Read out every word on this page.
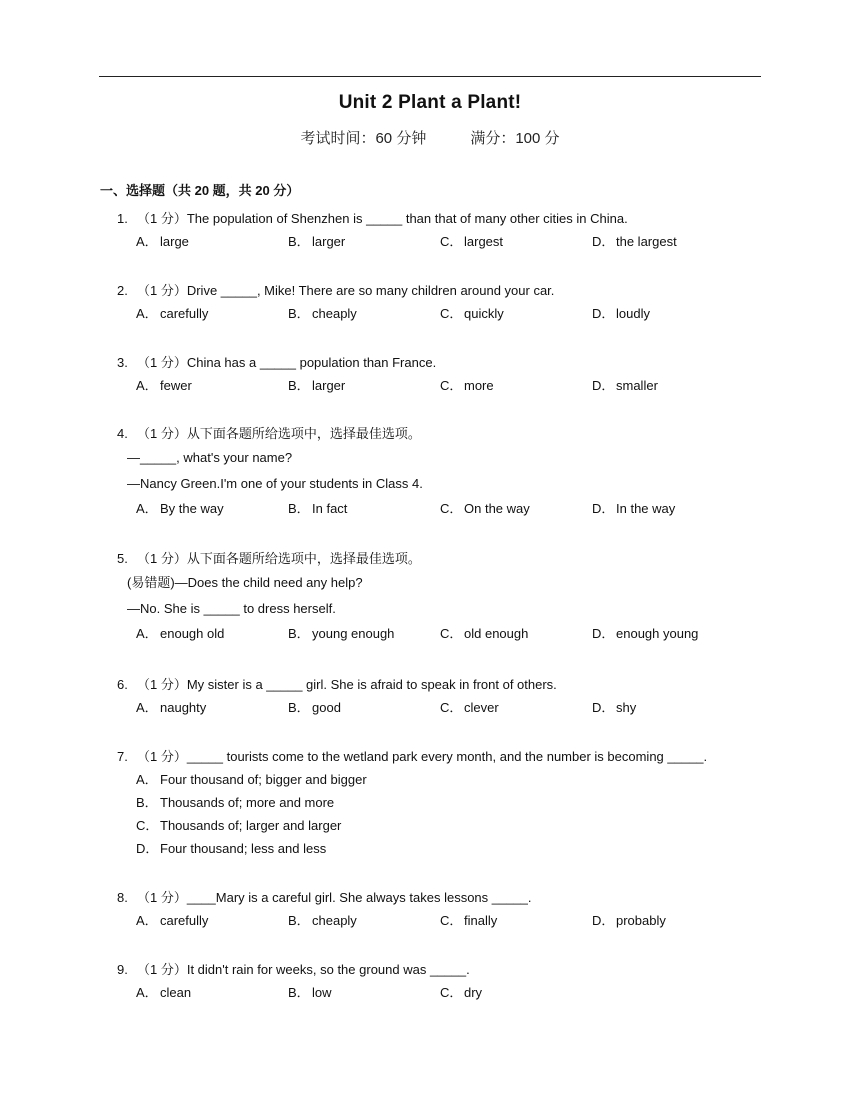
Unit 2 Plant a Plant!
考试时间：60 分钟	满分：100 分
一、选择题（共 20 题，共 20 分）
1. （1 分）The population of Shenzhen is _____ than that of many other cities in China.
A． large	B． larger	C． largest	D． the largest
2. （1 分）Drive _____, Mike! There are so many children around your car.
A． carefully	B． cheaply	C． quickly	D． loudly
3. （1 分）China has a _____ population than France.
A． fewer	B． larger	C． more	D． smaller
4. （1 分）从下面各题所给选项中，选择最佳选项。
—_____, what's your name?
—Nancy Green.I'm one of your students in Class 4.
A． By the way	B． In fact	C． On the way	D． In the way
5. （1 分）从下面各题所给选项中，选择最佳选项。
(易错题)—Does the child need any help?
—No. She is _____ to dress herself.
A． enough old	B． young enough	C． old enough	D． enough young
6. （1 分）My sister is a _____ girl. She is afraid to speak in front of others.
A． naughty	B． good	C． clever	D． shy
7. （1 分）_____ tourists come to the wetland park every month, and the number is becoming _____.
A． Four thousand of; bigger and bigger
B． Thousands of; more and more
C． Thousands of; larger and larger
D． Four thousand; less and less
8. （1 分）____Mary is a careful girl. She always takes lessons _____.
A． carefully	B． cheaply	C． finally	D． probably
9. （1 分）It didn't rain for weeks, so the ground was _____.
A． clean	B． low	C． dry
